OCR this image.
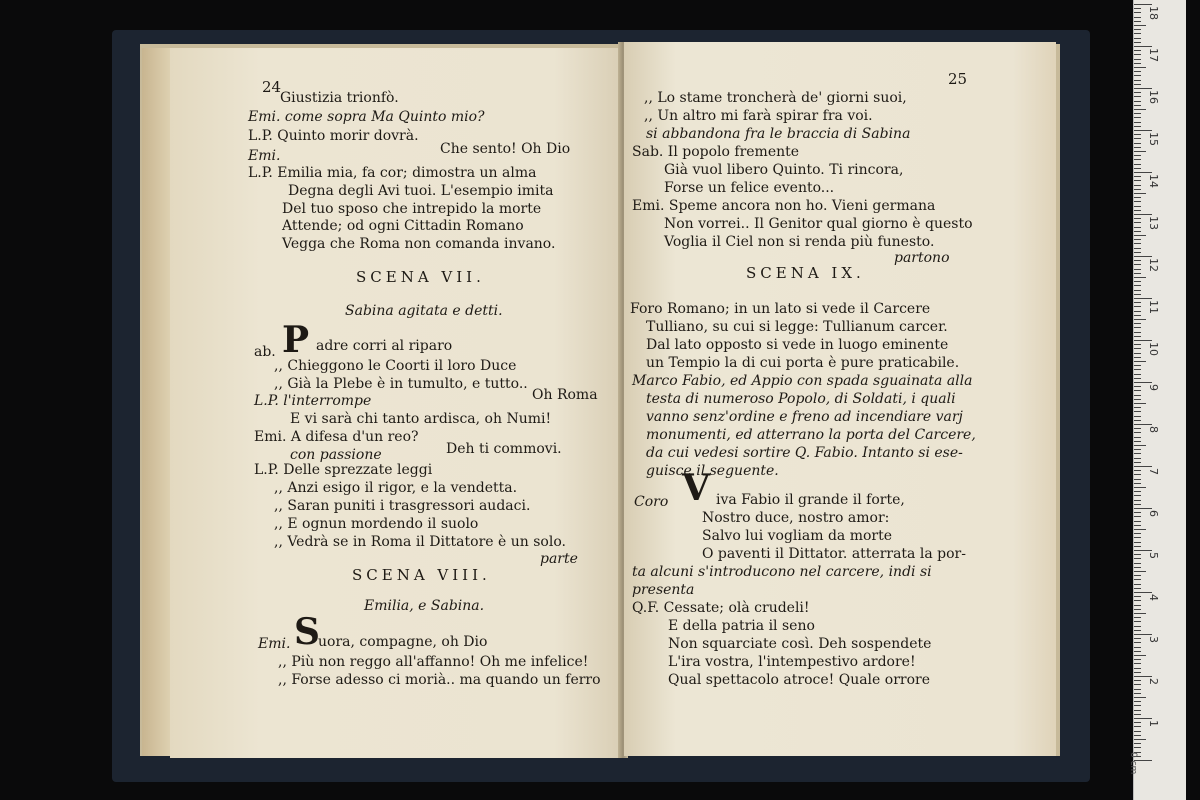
24
Giustizia trionfò.
Emi. come sopra Ma Quinto mio?
L.P. Quinto morir dovrà.
Emi.	Che sento! Oh Dio
L.P. Emilia mia, fa cor; dimostra un alma
Degna degli Avi tuoi. L'esempio imita
Del tuo sposo che intrepido la morte
Attende; od ogni Cittadin Romano
Vegga che Roma non comanda invano.
SCENA VII.
Sabina agitata e detti.
ab. P adre corri al riparo
,, Chieggono le Coorti il loro Duce
,, Già la Plebe è in tumulto, e tutto..
L.P. l'interrompe	Oh Roma
E vi sarà chi tanto ardisca, oh Numi!
Emi. A difesa d'un reo?
con passione	Deh ti commovi.
L.P. Delle sprezzate leggi
,, Anzi esigo il rigor, e la vendetta.
,, Saran puniti i trasgressori audaci.
,, E ognun mordendo il suolo
,, Vedrà se in Roma il Dittatore è un solo.
parte
SCENA VIII.
Emilia, e Sabina.
Emi. S
uora, compagne, oh Dio
,, Più non reggo all'affanno! Oh me infelice!
,, Forse adesso ci morià.. ma quando un ferro
25
,, Lo stame troncherà de' giorni suoi,
,, Un altro mi farà spirar fra voi.
si abbandona fra le braccia di Sabina
Sab. Il popolo fremente
Già vuol libero Quinto. Ti rincora,
Forse un felice evento...
Emi. Speme ancora non ho. Vieni germana
Non vorrei.. Il Genitor qual giorno è questo
Voglia il Ciel non si renda più funesto.
partono
SCENA IX.
Foro Romano; in un lato si vede il Carcere
Tulliano, su cui si legge: Tullianum carcer.
Dal lato opposto si vede in luogo eminente
un Tempio la di cui porta è pure praticabile.
Marco Fabio, ed Appio con spada sguainata alla
testa di numeroso Popolo, di Soldati, i quali
vanno senz'ordine e freno ad incendiare varj
monumenti, ed atterrano la porta del Carcere,
da cui vedesi sortire Q. Fabio. Intanto si ese-
guisce il seguente.
Coro V iva Fabio il grande il forte,
Nostro duce, nostro amor:
Salvo lui vogliam da morte
O paventi il Dittator. atterrata la por-
ta alcuni s'introducono nel carcere, indi si
presenta
Q.F. Cessate; olà crudeli!
E della patria il seno
Non squarciate così. Deh sospendete
L'ira vostra, l'intempestivo ardore!
Qual spettacolo atroce! Quale orrore
18
17
16
15
14
13
12
11
10
9
8
7
6
5
4
3
2
1
0 cm
